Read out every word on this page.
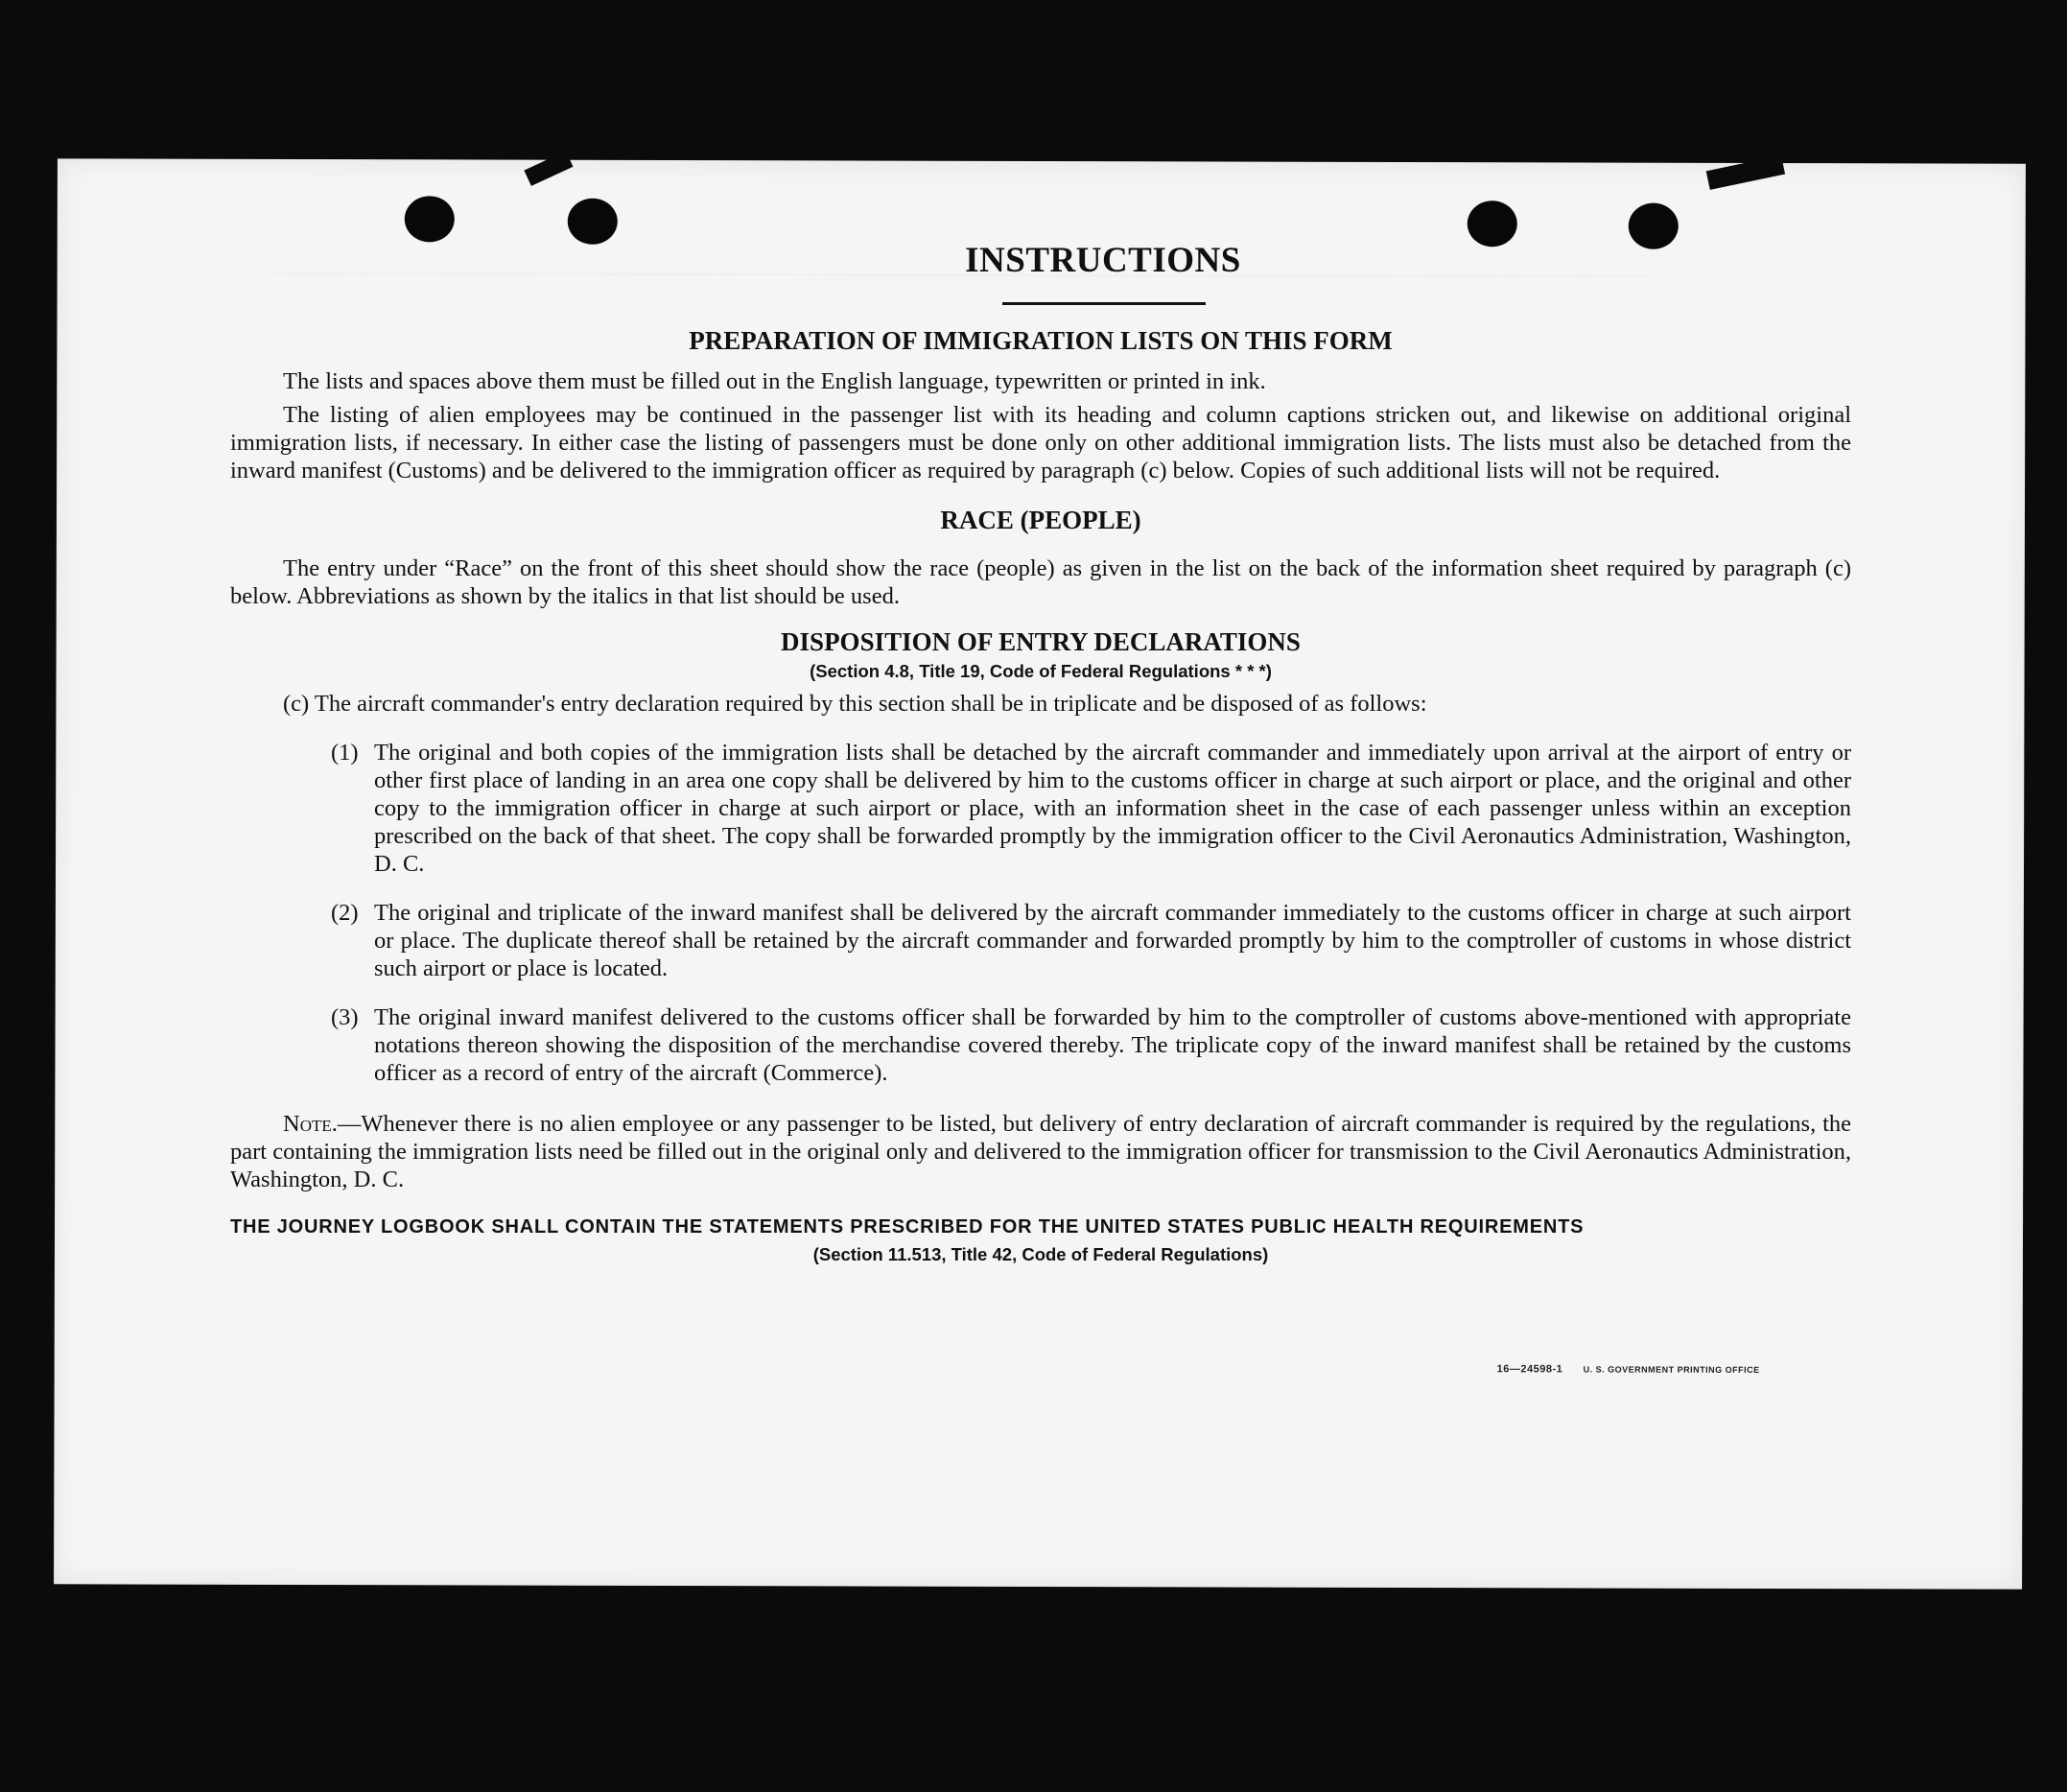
16—24598-1 U. S. GOVERNMENT PRINTING OFFICE
INSTRUCTIONS
PREPARATION OF IMMIGRATION LISTS ON THIS FORM

The lists and spaces above them must be filled out in the English language, typewritten or printed in ink.

The listing of alien employees may be continued in the passenger list with its heading and column captions stricken out, and likewise on additional original immigration lists, if necessary. In either case the listing of passengers must be done only on other additional immigration lists. The lists must also be detached from the inward manifest (Customs) and be delivered to the immigration officer as required by paragraph (c) below. Copies of such additional lists will not be required.

RACE (PEOPLE)

The entry under “Race” on the front of this sheet should show the race (people) as given in the list on the back of the information sheet required by paragraph (c) below. Abbreviations as shown by the italics in that list should be used.

DISPOSITION OF ENTRY DECLARATIONS

(Section 4.8, Title 19, Code of Federal Regulations * * *)

(c) The aircraft commander's entry declaration required by this section shall be in triplicate and be disposed of as follows:

(1) The original and both copies of the immigration lists shall be detached by the aircraft commander and immediately upon arrival at the airport of entry or other first place of landing in an area one copy shall be delivered by him to the customs officer in charge at such airport or place, and the original and other copy to the immigration officer in charge at such airport or place, with an information sheet in the case of each passenger unless within an exception prescribed on the back of that sheet. The copy shall be forwarded promptly by the immigration officer to the Civil Aeronautics Administration, Washington, D. C.

(2) The original and triplicate of the inward manifest shall be delivered by the aircraft commander immediately to the customs officer in charge at such airport or place. The duplicate thereof shall be retained by the aircraft commander and forwarded promptly by him to the comptroller of customs in whose district such airport or place is located.

(3) The original inward manifest delivered to the customs officer shall be forwarded by him to the comptroller of customs above-mentioned with appropriate notations thereon showing the disposition of the merchandise covered thereby. The triplicate copy of the inward manifest shall be retained by the customs officer as a record of entry of the aircraft (Commerce).

Note.—Whenever there is no alien employee or any passenger to be listed, but delivery of entry declaration of aircraft commander is required by the regulations, the part containing the immigration lists need be filled out in the original only and delivered to the immigration officer for transmission to the Civil Aeronautics Administration, Washington, D. C.

THE JOURNEY LOGBOOK SHALL CONTAIN THE STATEMENTS PRESCRIBED FOR THE UNITED STATES PUBLIC HEALTH REQUIREMENTS

(Section 11.513, Title 42, Code of Federal Regulations)
